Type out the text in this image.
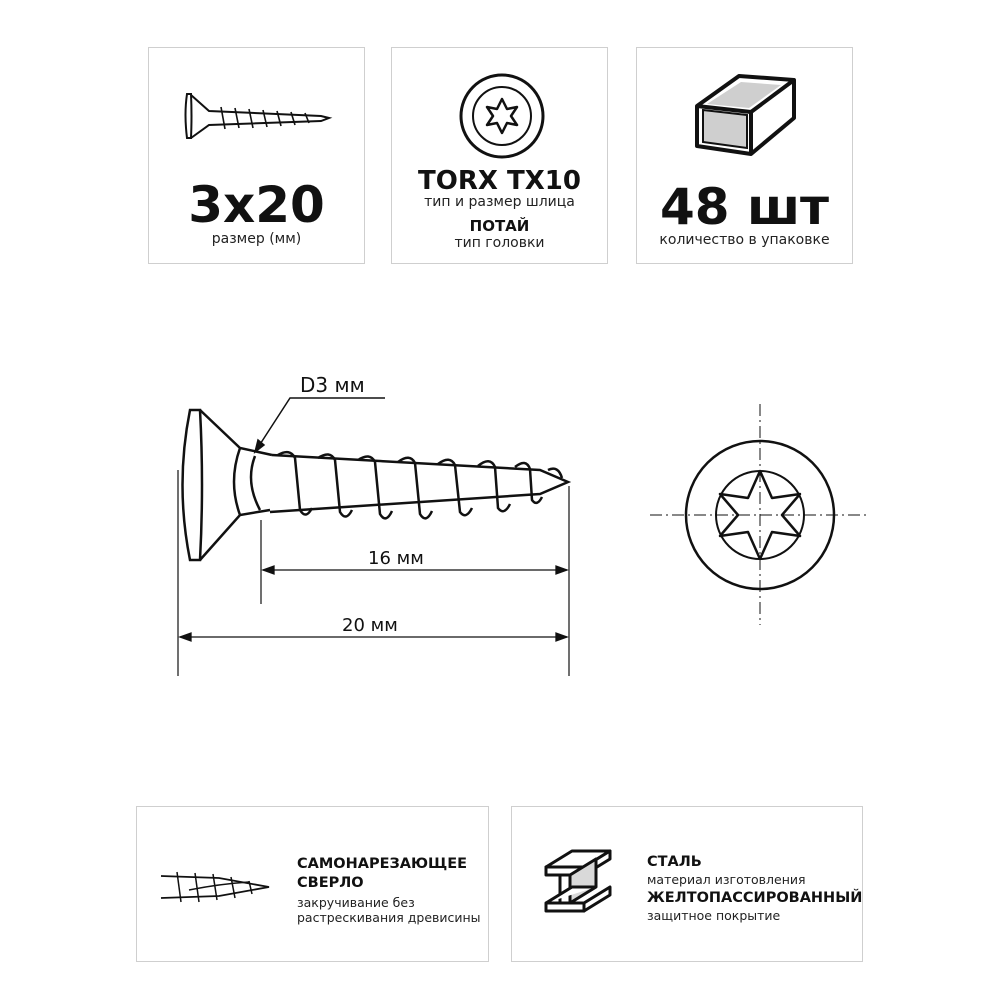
3х20
размер (мм)
TORX TX10
тип и размер шлица
ПОТАЙ
тип головки
48 шт
количество в упаковке
D3 мм
16 мм
20 мм
САМОНАРЕЗАЮЩЕЕ
СВЕРЛО
закручивание без
растрескивания древисины
СТАЛЬ
материал изготовления
ЖЕЛТОПАССИРОВАННЫЙ
защитное покрытие
